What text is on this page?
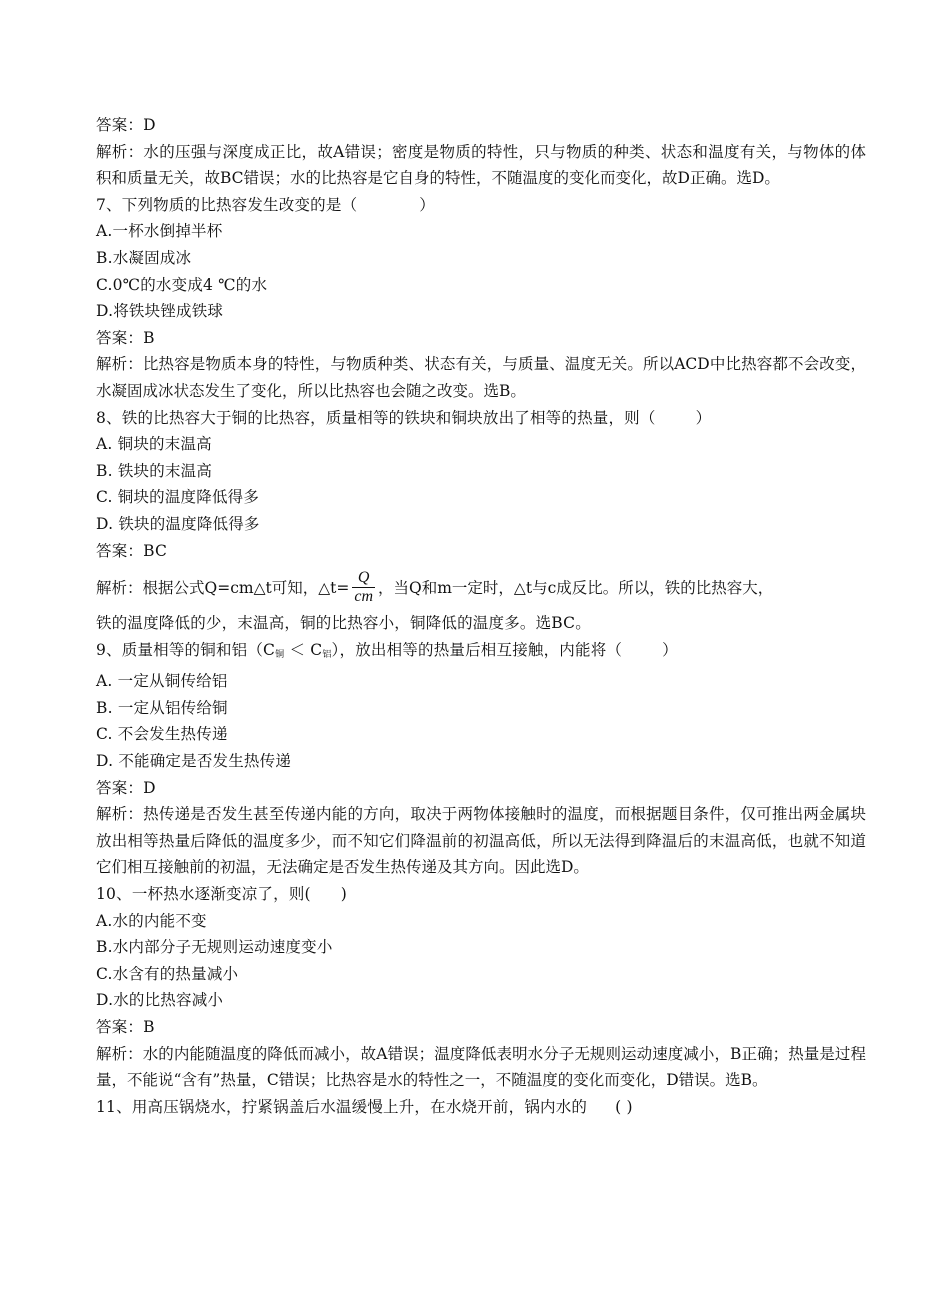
答案：D
解析：水的压强与深度成正比，故A错误；密度是物质的特性，只与物质的种类、状态和温度有关，与物体的体积和质量无关，故BC错误；水的比热容是它自身的特性，不随温度的变化而变化，故D正确。选D。
7、下列物质的比热容发生改变的是（	）
A.一杯水倒掉半杯
B.水凝固成冰
C.0℃的水变成4 ℃的水
D.将铁块锉成铁球
答案：B
解析：比热容是物质本身的特性，与物质种类、状态有关，与质量、温度无关。所以ACD中比热容都不会改变，水凝固成冰状态发生了变化，所以比热容也会随之改变。选B。
8、铁的比热容大于铜的比热容，质量相等的铁块和铜块放出了相等的热量，则（	）
A. 铜块的末温高
B. 铁块的末温高
C. 铜块的温度降低得多
D. 铁块的温度降低得多
答案：BC
解析：根据公式Q=cm△t可知，△t= $\frac{Q}{cm}$ ，当Q和m一定时，△t与c成反比。所以，铁的比热容大，
铁的温度降低的少，末温高，铜的比热容小，铜降低的温度多。选BC。
9、质量相等的铜和铝$(C_铜 < C_铝)$，放出相等的热量后相互接触，内能将（	）
A. 一定从铜传给铝
B. 一定从铝传给铜
C. 不会发生热传递
D. 不能确定是否发生热传递
答案：D
解析：热传递是否发生甚至传递内能的方向，取决于两物体接触时的温度，而根据题目条件，仅可推出两金属块放出相等热量后降低的温度多少，而不知它们降温前的初温高低，所以无法得到降温后的末温高低，也就不知道它们相互接触前的初温，无法确定是否发生热传递及其方向。因此选D。
10、一杯热水逐渐变凉了，则( )
A.水的内能不变
B.水内部分子无规则运动速度变小
C.水含有的热量减小
D.水的比热容减小
答案：B
解析：水的内能随温度的降低而减小，故A错误；温度降低表明水分子无规则运动速度减小，B正确；热量是过程量，不能说“含有”热量，C错误；比热容是水的特性之一，不随温度的变化而变化，D错误。选B。
11、用高压锅烧水，拧紧锅盖后水温缓慢上升，在水烧开前，锅内水的 ( )
